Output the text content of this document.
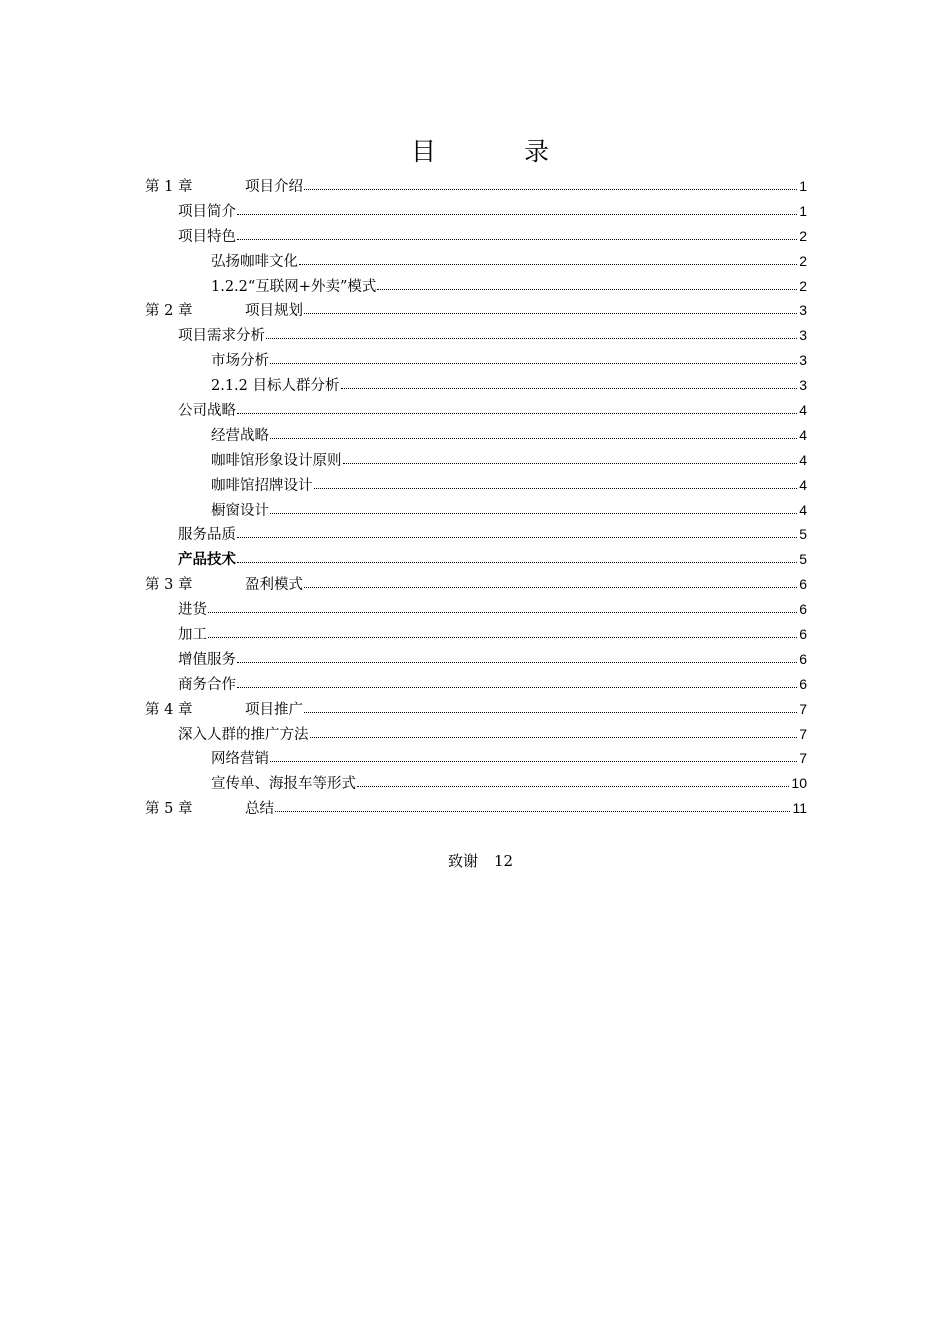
目 录
第 1 章	项目介绍	1
项目简介	1
项目特色	2
弘扬咖啡文化	2
1.2.2“互联网+外卖”模式	2
第 2 章	项目规划	3
项目需求分析	3
市场分析	3
2.1.2 目标人群分析	3
公司战略	4
经营战略	4
咖啡馆形象设计原则	4
咖啡馆招牌设计	4
橱窗设计	4
服务品质	5
产品技术	5
第 3 章	盈利模式	6
进货	6
加工	6
增值服务	6
商务合作	6
第 4 章	项目推广	7
深入人群的推广方法	7
网络营销	7
宣传单、海报车等形式	10
第 5 章	总结	11
致谢 12
